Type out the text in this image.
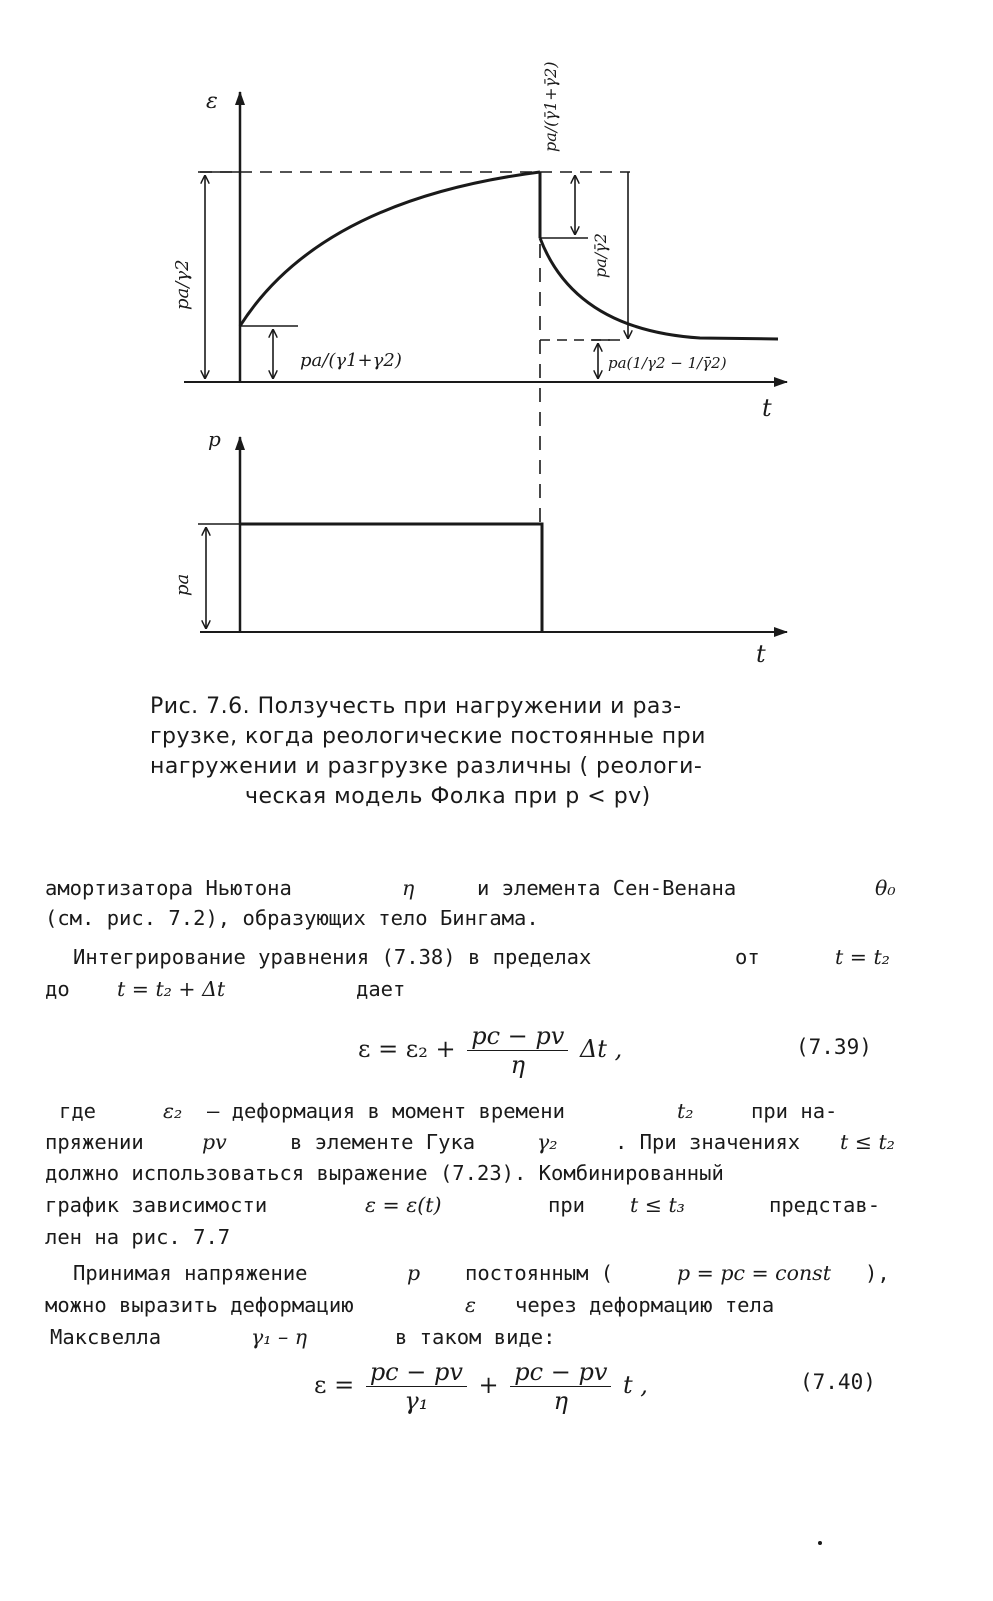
ε
t
pa/γ2
pa/(γ1+γ2)
pa/(γ̄1+γ̄2)
pa/γ̄2
pa(1/γ2 − 1/γ̄2)
p
t
pa
Рис. 7.6. Ползучесть при нагружении и раз-
грузке, когда реологические постоянные при
нагружении и разгрузке различны ( реологи-
ческая модель Фолка при p < pv)
амортизатора Ньютона	η	и элемента Сен-Венана	θ₀
(см. рис. 7.2), образующих тело Бингама.
Интегрирование уравнения (7.38) в пределах	от	t = t₂
до t = t₂ + Δt	дает
$\varepsilon = \varepsilon_2 + \frac{pc - pv}{\eta}$ Δt ,	(7.39)
где	ε₂ – деформация в момент времени	t₂	при на-
пряжении	pv	в элементе Гука	γ₂	. При значениях t ≤ t₂
должно использоваться выражение (7.23). Комбинированный
график зависимости	ε = ε(t)	при t ≤ t₃	представ-
лен на рис. 7.7
Принимая напряжение	p постоянным (	p = pc = const ),
можно выразить деформацию	ε через деформацию тела
Максвелла	γ₁ – η	в таком виде:
$\varepsilon = \frac{pc - pv}{\text{γ₁}} + \frac{pc - pv}{\eta}$ t ,	(7.40)
